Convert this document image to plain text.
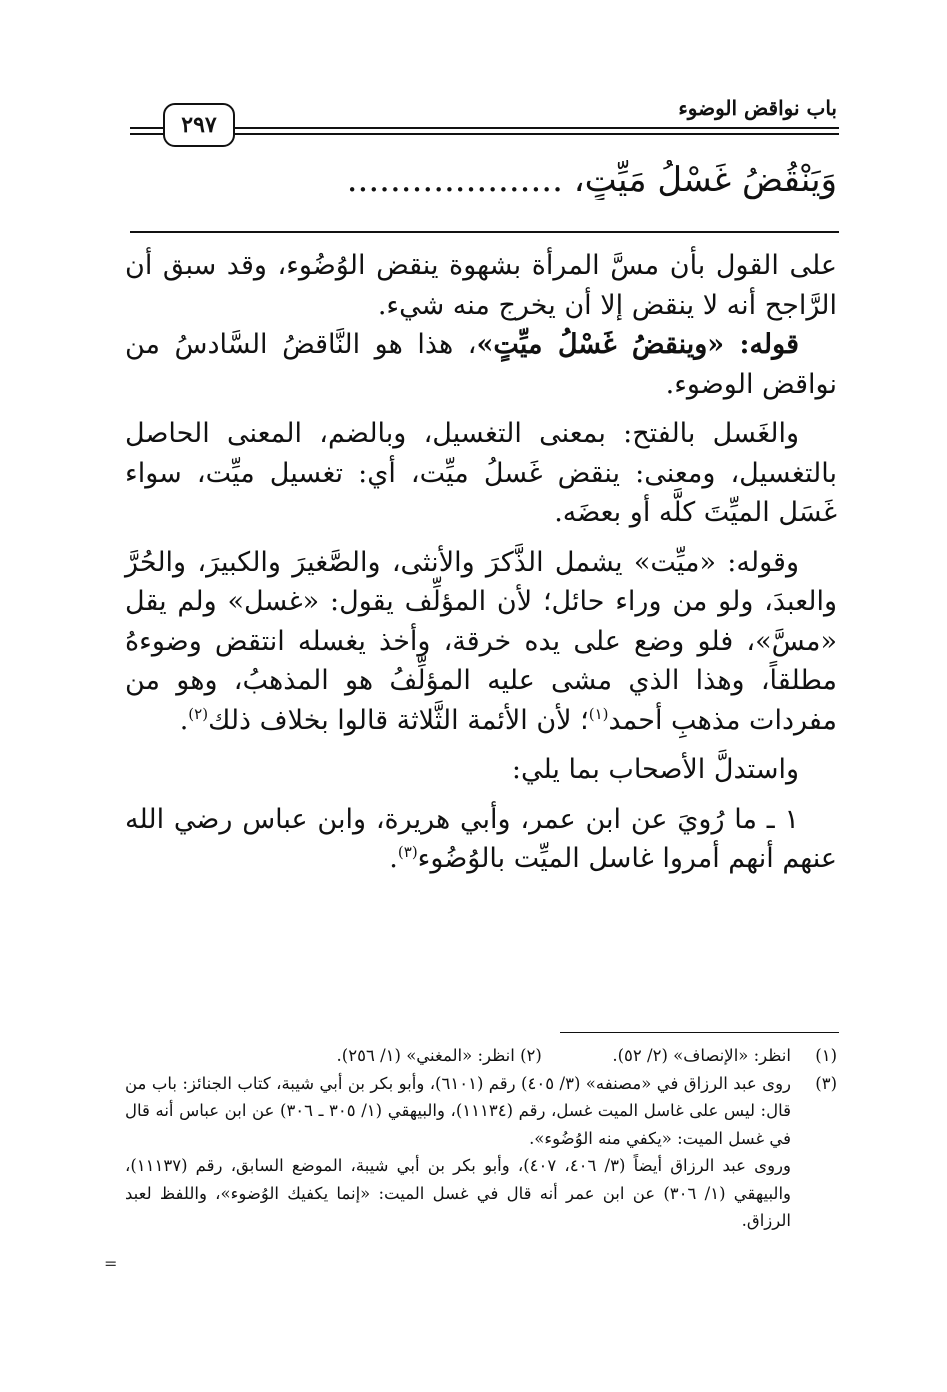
باب نواقض الوضوء
٢٩٧
وَيَنْقُضُ غَسْلُ مَيِّتٍ، ....................

على القول بأن مسَّ المرأة بشهوة ينقض الوُضُوء، وقد سبق أن الرَّاجح أنه لا ينقض إلا أن يخرج منه شيء.

قوله: «وينقضُ غَسْلُ ميِّتٍ»، هذا هو النَّاقضُ السَّادسُ من نواقض الوضوء.

والغَسل بالفتح: بمعنى التغسيل، وبالضم، المعنى الحاصل بالتغسيل، ومعنى: ينقض غَسلُ ميِّت، أي: تغسيل ميِّت، سواء غَسَل الميِّتَ كلَّه أو بعضَه.

وقوله: «ميِّت» يشمل الذَّكرَ والأنثى، والصَّغيرَ والكبيرَ، والحُرَّ والعبدَ، ولو من وراء حائل؛ لأن المؤلِّف يقول: «غسل» ولم يقل «مسَّ»، فلو وضع على يده خرقة، وأخذ يغسله انتقض وضوءهُ مطلقاً، وهذا الذي مشى عليه المؤلِّفُ هو المذهبُ، وهو من مفردات مذهبِ أحمد$^{(١)}$؛ لأن الأئمة الثَّلاثة قالوا بخلاف ذلك$^{(٢)}$.

واستدلَّ الأصحاب بما يلي:

١ ـ ما رُويَ عن ابن عمر، وأبي هريرة، وابن عباس رضي الله عنهم أنهم أمروا غاسل الميِّت بالوُضُوء$^{(٣)}$.

(١)
انظر: «الإنصاف» (٢/ ٥٢).  (٢) انظر: «المغني» (١/ ٢٥٦).

(٣)
روى عبد الرزاق في «مصنفه» (٣/ ٤٠٥) رقم (٦١٠١)، وأبو بكر بن أبي شيبة، كتاب الجنائز: باب من قال: ليس على غاسل الميت غسل، رقم (١١١٣٤)، والبيهقي (١/ ٣٠٥ ـ ٣٠٦) عن ابن عباس أنه قال في غسل الميت: «يكفي منه الوُضُوء».

وروى عبد الرزاق أيضاً (٣/ ٤٠٦، ٤٠٧)، وأبو بكر بن أبي شيبة، الموضع السابق، رقم (١١١٣٧)، والبيهقي (١/ ٣٠٦) عن ابن عمر أنه قال في غسل الميت: «إنما يكفيك الوُضوء»، واللفظ لعبد الرزاق.

=
